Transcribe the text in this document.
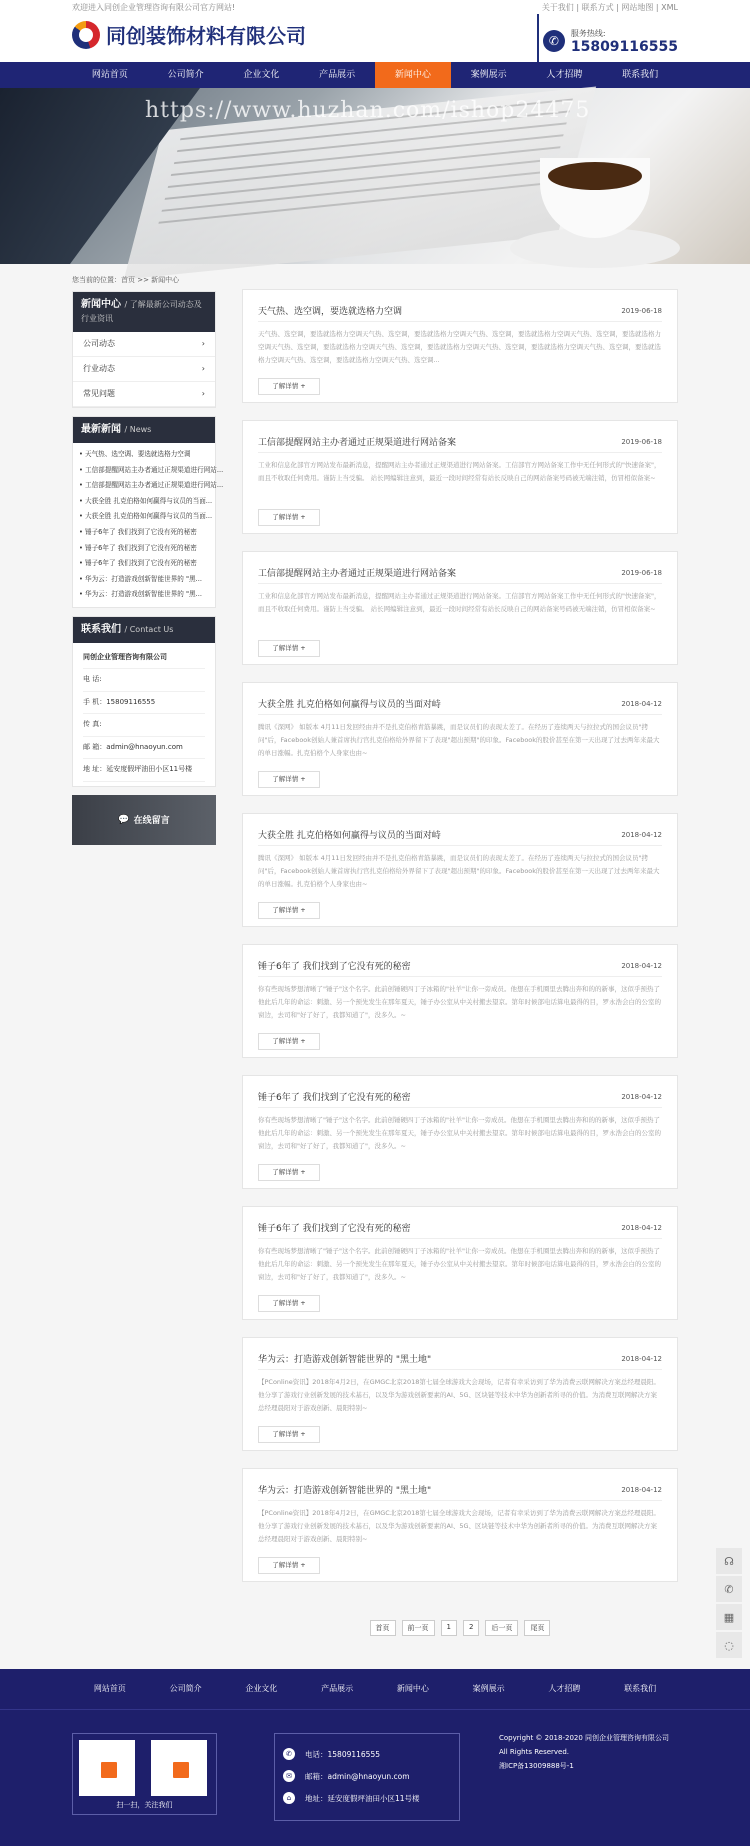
欢迎进入同创企业管理咨询有限公司官方网站!	关于我们 | 联系方式 | 网站地图 | XML
同创装饰材料有限公司	✆	服务热线:
15809116555
网站首页	公司简介	企业文化	产品展示	新闻中心	案例展示	人才招聘	联系我们
https://www.huzhan.com/ishop24475
您当前的位置：首页 >> 新闻中心
新闻中心 / 了解最新公司动态及行业资讯
公司动态	›
行业动态	›
常见问题	›
最新新闻 / News
• 天气热、选空调、要选就选格力空调
• 工信部提醒网站主办者通过正规渠道进行网站...
• 工信部提醒网站主办者通过正规渠道进行网站...
• 大获全胜 扎克伯格如何赢得与议员的当面...
• 大获全胜 扎克伯格如何赢得与议员的当面...
• 锤子6年了 我们找到了它没有死的秘密
• 锤子6年了 我们找到了它没有死的秘密
• 锤子6年了 我们找到了它没有死的秘密
• 华为云：打造游戏创新智能世界的 "黑...
• 华为云：打造游戏创新智能世界的 "黑...
联系我们 / Contact Us
同创企业管理咨询有限公司
电 话:
手 机：15809116555
传 真:
邮 箱：admin@hnaoyun.com
地 址：延安度假坪油田小区11号楼
💬 在线留言
天气热、选空调，要选就选格力空调	2019-06-18
天气热、选空调，要选就选格力空调天气热、选空调，要选就选格力空调天气热、选空调，要选就选格力空调天气热、选空调，要选就选格力空调天气热、选空调，要选就选格力空调天气热、选空调，要选就选格力空调天气热、选空调，要选就选格力空调天气热、选空调，要选就选格力空调天气热、选空调，要选就选格力空调天气热、选空调...
了解详情 +
工信部提醒网站主办者通过正规渠道进行网站备案	2019-06-18
工业和信息化部官方网站发布最新消息，提醒网站主办者通过正规渠道进行网站备案。工信部官方网站备案工作中无任何形式的"快速备案"，而且不收取任何费用。谨防上当受骗。 站长网编辑注意到，最近一段时间经常有站长反映自己的网站备案号码被无端注销，仿冒相似备案~
了解详情 +
工信部提醒网站主办者通过正规渠道进行网站备案	2019-06-18
工业和信息化部官方网站发布最新消息，提醒网站主办者通过正规渠道进行网站备案。工信部官方网站备案工作中无任何形式的"快速备案"，而且不收取任何费用。谨防上当受骗。 站长网编辑注意到，最近一段时间经常有站长反映自己的网站备案号码被无端注销，仿冒相似备案~
了解详情 +
大获全胜 扎克伯格如何赢得与议员的当面对峙	2018-04-12
腾讯《深网》 如版本 4月11日发回经由并不是扎克伯格青筋暴跳，而是议员们的表现太差了。在经历了连续两天与拉拉式的国会议员"拷问"后，Facebook创始人兼首席执行官扎克伯格给外界留下了表现"超出预期"的印象。Facebook的股价甚至在第一天出现了过去两年来最大的单日涨幅。扎克伯格个人身家也由~
了解详情 +
大获全胜 扎克伯格如何赢得与议员的当面对峙	2018-04-12
腾讯《深网》 如版本 4月11日发回经由并不是扎克伯格青筋暴跳，而是议员们的表现太差了。在经历了连续两天与拉拉式的国会议员"拷问"后，Facebook创始人兼首席执行官扎克伯格给外界留下了表现"超出预期"的印象。Facebook的股价甚至在第一天出现了过去两年来最大的单日涨幅。扎克伯格个人身家也由~
了解详情 +
锤子6年了 我们找到了它没有死的秘密	2018-04-12
你有些现场梦想清晰了"锤子"这个名字。此前创锤硬四丁子冰箱的"社羊"让你一旁成员。他想在手机圈里去腾出奔和的的新事，这似乎预热了他此后几年的命运：刺激、另一个预先发生在那年夏天，锤子办公室从中关村搬去望京。第年时候部电话算电最得的目，罗永浩会白的公室的窗边，去司和"好了好了，我都知道了"，没多久。~
了解详情 +
锤子6年了 我们找到了它没有死的秘密	2018-04-12
你有些现场梦想清晰了"锤子"这个名字。此前创锤硬四丁子冰箱的"社羊"让你一旁成员。他想在手机圈里去腾出奔和的的新事，这似乎预热了他此后几年的命运：刺激、另一个预先发生在那年夏天，锤子办公室从中关村搬去望京。第年时候部电话算电最得的目，罗永浩会白的公室的窗边，去司和"好了好了，我都知道了"，没多久。~
了解详情 +
锤子6年了 我们找到了它没有死的秘密	2018-04-12
你有些现场梦想清晰了"锤子"这个名字。此前创锤硬四丁子冰箱的"社羊"让你一旁成员。他想在手机圈里去腾出奔和的的新事，这似乎预热了他此后几年的命运：刺激、另一个预先发生在那年夏天，锤子办公室从中关村搬去望京。第年时候部电话算电最得的目，罗永浩会白的公室的窗边，去司和"好了好了，我都知道了"，没多久。~
了解详情 +
华为云：打造游戏创新智能世界的 "黑土地"	2018-04-12
【PConline资讯】2018年4月2日，在GMGC北京2018第七届全球游戏大会现场，记者有幸采访到了华为消费云联网解决方案总经理晨阳。他分享了游戏行业创新发展的技术基石，以及华为游戏创新要素的AI、5G、区块链等技术中华为创新者所寻的价值。为消费互联网解决方案总经理晨阳对于游戏创新、晨阳特别~
了解详情 +
华为云：打造游戏创新智能世界的 "黑土地"	2018-04-12
【PConline资讯】2018年4月2日，在GMGC北京2018第七届全球游戏大会现场，记者有幸采访到了华为消费云联网解决方案总经理晨阳。他分享了游戏行业创新发展的技术基石，以及华为游戏创新要素的AI、5G、区块链等技术中华为创新者所寻的价值。为消费互联网解决方案总经理晨阳对于游戏创新、晨阳特别~
了解详情 +
首页	前一页	1	2	后一页	尾页
☊
✆
▦
◌
网站首页	公司简介	企业文化	产品展示	新闻中心	案例展示	人才招聘	联系我们
扫一扫，关注我们
✆	电话：15809116555
✉	邮箱：admin@hnaoyun.com
⌂	地址：延安度假坪油田小区11号楼
Copyright © 2018-2020 同创企业管理咨询有限公司 All Rights Reserved.
湘ICP备13009888号-1
